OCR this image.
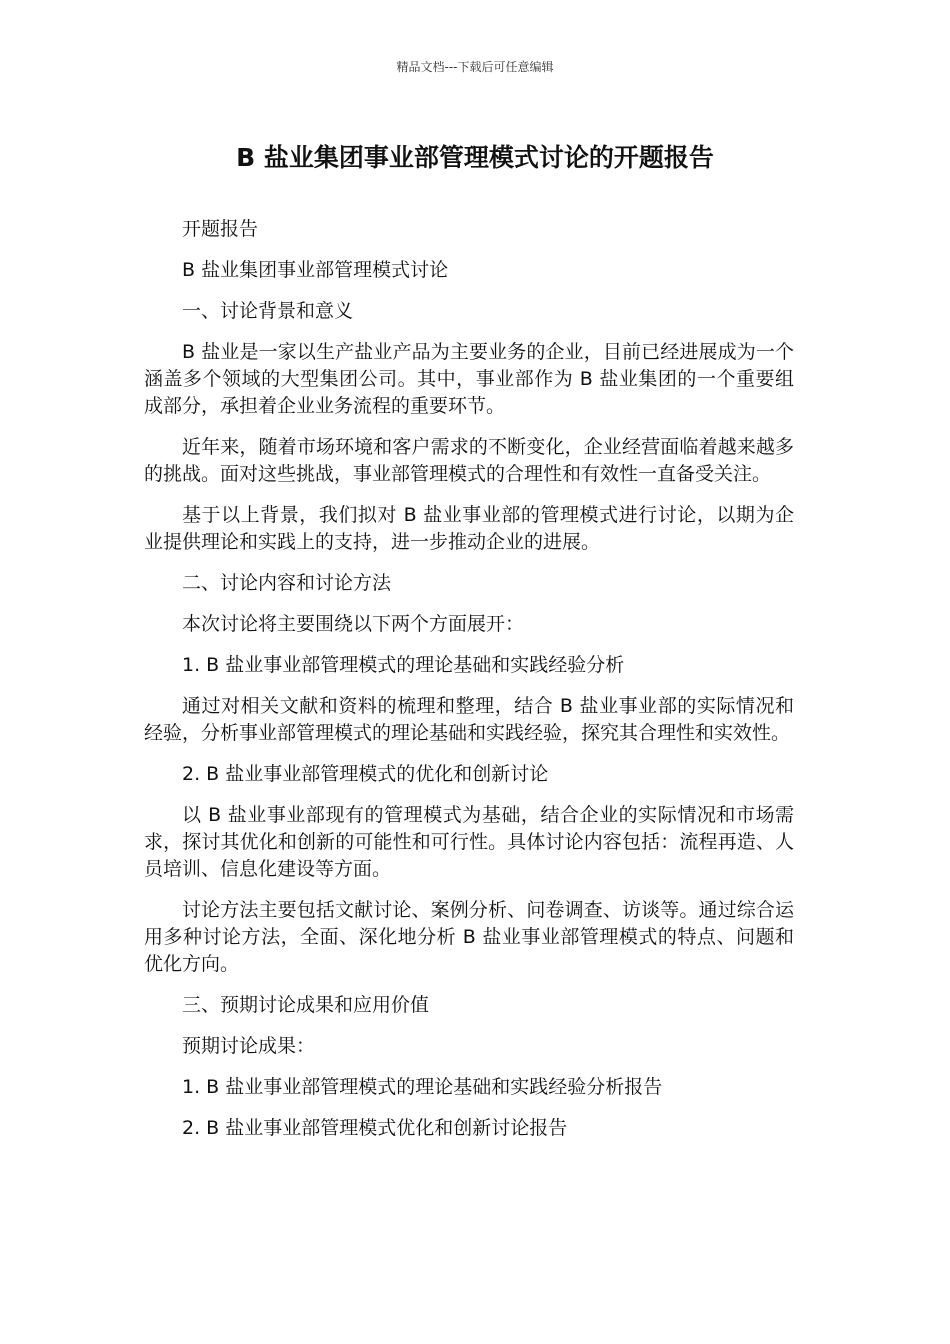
精品文档---下载后可任意编辑
B 盐业集团事业部管理模式讨论的开题报告

开题报告

B 盐业集团事业部管理模式讨论

一、讨论背景和意义

B 盐业是一家以生产盐业产品为主要业务的企业，目前已经进展成为一个涵盖多个领域的大型集团公司。其中，事业部作为 B 盐业集团的一个重要组成部分，承担着企业业务流程的重要环节。

近年来，随着市场环境和客户需求的不断变化，企业经营面临着越来越多的挑战。面对这些挑战，事业部管理模式的合理性和有效性一直备受关注。

基于以上背景，我们拟对 B 盐业事业部的管理模式进行讨论，以期为企业提供理论和实践上的支持，进一步推动企业的进展。

二、讨论内容和讨论方法

本次讨论将主要围绕以下两个方面展开：

1. B 盐业事业部管理模式的理论基础和实践经验分析

通过对相关文献和资料的梳理和整理，结合 B 盐业事业部的实际情况和经验，分析事业部管理模式的理论基础和实践经验，探究其合理性和实效性。

2. B 盐业事业部管理模式的优化和创新讨论

以 B 盐业事业部现有的管理模式为基础，结合企业的实际情况和市场需求，探讨其优化和创新的可能性和可行性。具体讨论内容包括：流程再造、人员培训、信息化建设等方面。

讨论方法主要包括文献讨论、案例分析、问卷调查、访谈等。通过综合运用多种讨论方法，全面、深化地分析 B 盐业事业部管理模式的特点、问题和优化方向。

三、预期讨论成果和应用价值

预期讨论成果：

1. B 盐业事业部管理模式的理论基础和实践经验分析报告

2. B 盐业事业部管理模式优化和创新讨论报告
